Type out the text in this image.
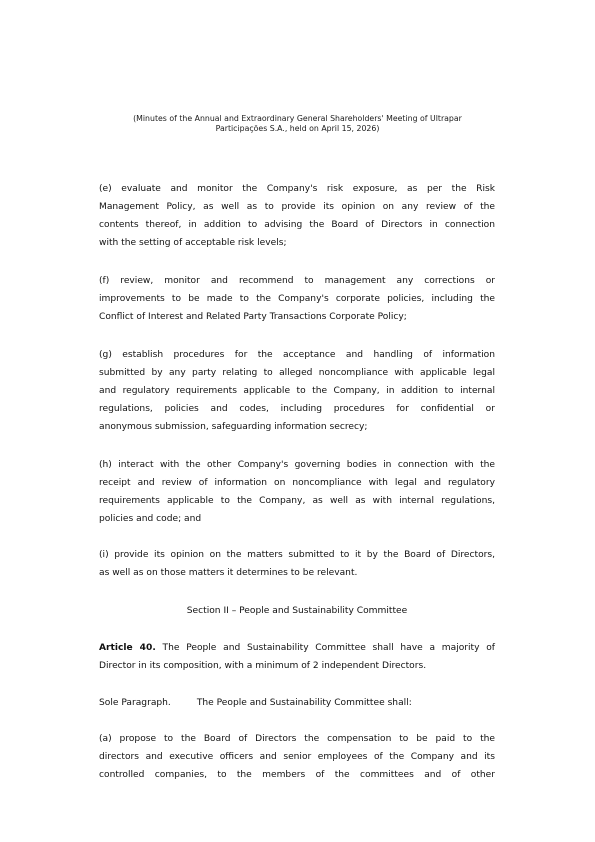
(Minutes of the Annual and Extraordinary General Shareholders' Meeting of Ultrapar
Participações S.A., held on April 15, 2026)
(e) evaluate and monitor the Company's risk exposure, as per the Risk
Management Policy, as well as to provide its opinion on any review of the
contents thereof, in addition to advising the Board of Directors in connection
with the setting of acceptable risk levels;
(f) review, monitor and recommend to management any corrections or
improvements to be made to the Company's corporate policies, including the
Conflict of Interest and Related Party Transactions Corporate Policy;
(g) establish procedures for the acceptance and handling of information
submitted by any party relating to alleged noncompliance with applicable legal
and regulatory requirements applicable to the Company, in addition to internal
regulations, policies and codes, including procedures for confidential or
anonymous submission, safeguarding information secrecy;
(h) interact with the other Company's governing bodies in connection with the
receipt and review of information on noncompliance with legal and regulatory
requirements applicable to the Company, as well as with internal regulations,
policies and code; and
(i) provide its opinion on the matters submitted to it by the Board of Directors,
as well as on those matters it determines to be relevant.
Section II – People and Sustainability Committee
Article 40. The People and Sustainability Committee shall have a majority of
Director in its composition, with a minimum of 2 independent Directors.
Sole Paragraph.	The People and Sustainability Committee shall:
(a) propose to the Board of Directors the compensation to be paid to the
directors and executive officers and senior employees of the Company and its
controlled companies, to the members of the committees and of other
